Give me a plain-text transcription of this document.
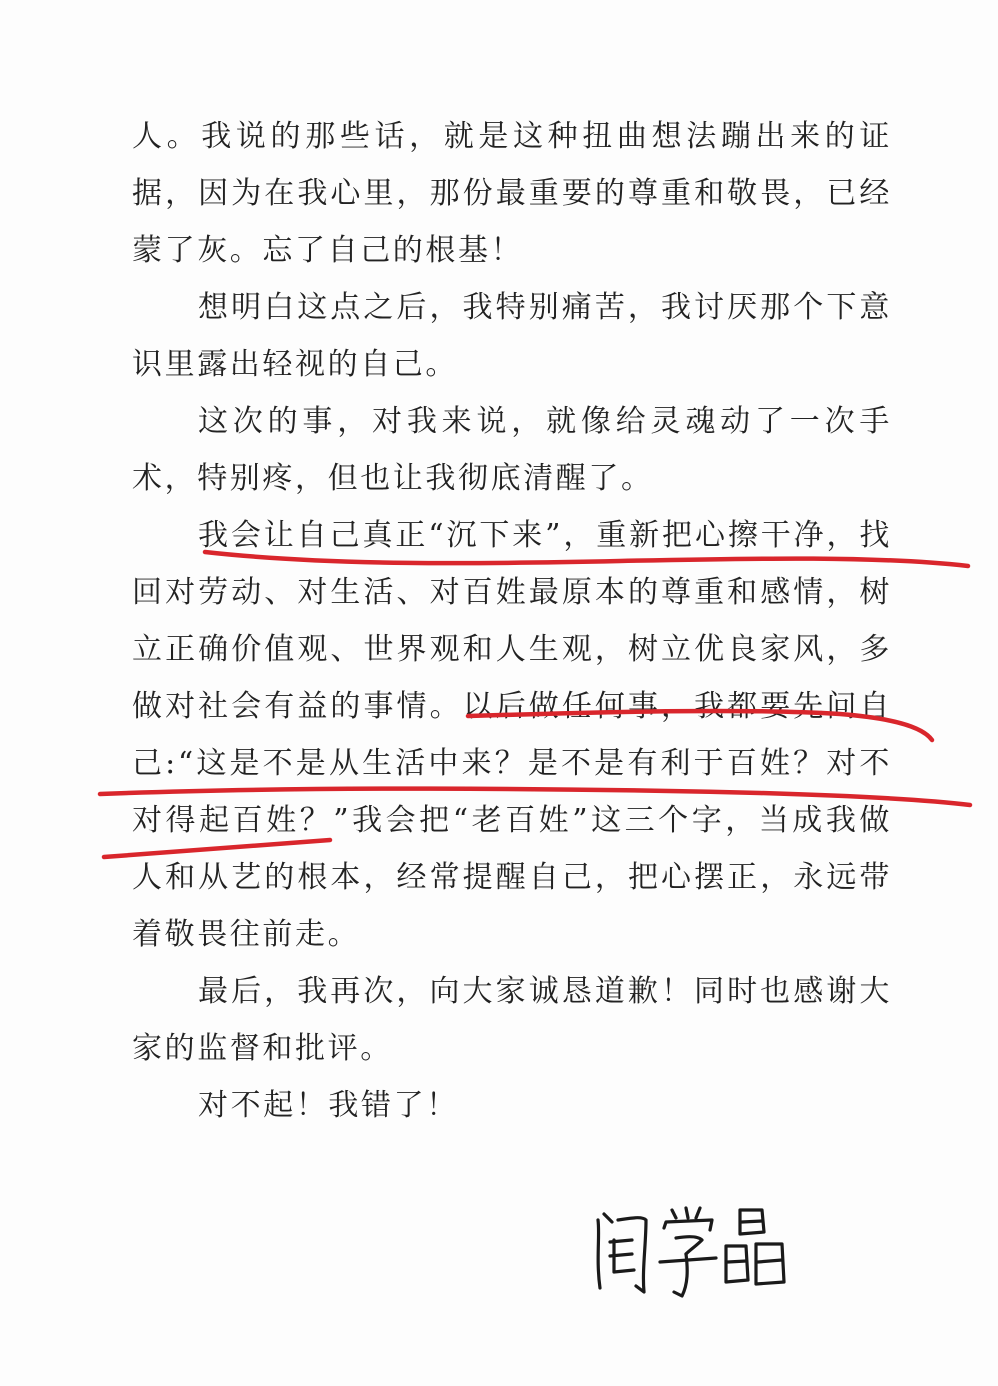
人。我说的那些话，就是这种扭曲想法蹦出来的证据，因为在我心里，那份最重要的尊重和敬畏，已经蒙了灰。忘了自己的根基！

想明白这点之后，我特别痛苦，我讨厌那个下意识里露出轻视的自己。

这次的事，对我来说，就像给灵魂动了一次手术，特别疼，但也让我彻底清醒了。

我会让自己真正“沉下来”，重新把心擦干净，找回对劳动、对生活、对百姓最原本的尊重和感情，树立正确价值观、世界观和人生观，树立优良家风，多做对社会有益的事情。以后做任何事，我都要先问自己:“这是不是从生活中来？是不是有利于百姓？对不对得起百姓？”我会把“老百姓”这三个字，当成我做人和从艺的根本，经常提醒自己，把心摆正，永远带着敬畏往前走。

最后，我再次，向大家诚恳道歉！同时也感谢大家的监督和批评。

对不起！我错了！
